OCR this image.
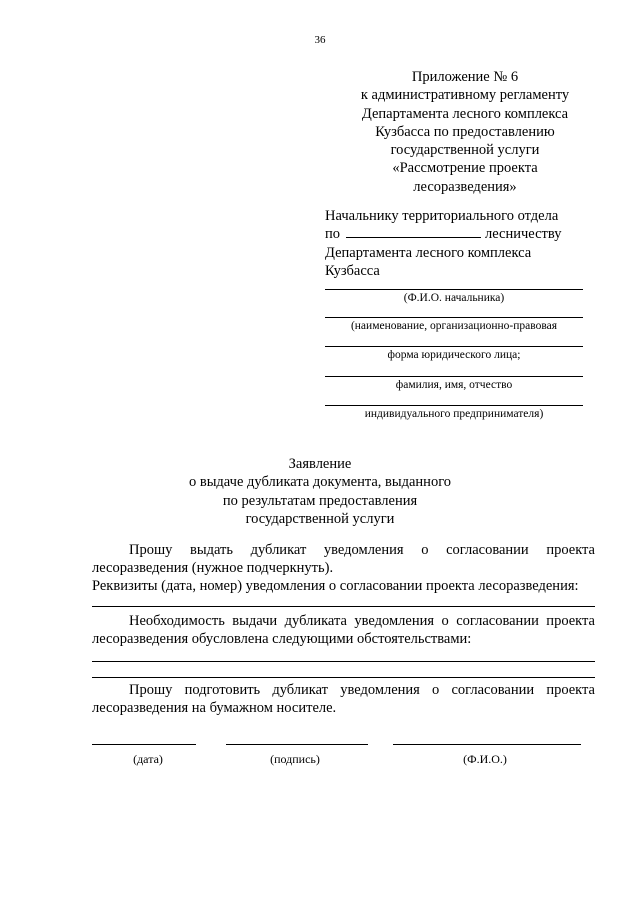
36
Приложение № 6
к административному регламенту
Департамента лесного комплекса
Кузбасса по предоставлению
государственной услуги
«Рассмотрение проекта
лесоразведения»
Начальнику территориального отдела
по	лесничеству
Департамента лесного комплекса
Кузбасса
(Ф.И.О. начальника)
(наименование, организационно-правовая
форма юридического лица;
фамилия, имя, отчество
индивидуального предпринимателя)
Заявление
о выдаче дубликата документа, выданного
по результатам предоставления
государственной услуги

Прошу выдать дубликат уведомления о согласовании проекта лесоразведения (нужное подчеркнуть).

Реквизиты (дата, номер) уведомления о согласовании проекта лесоразведения:

Необходимость выдачи дубликата уведомления о согласовании проекта лесоразведения обусловлена следующими обстоятельствами:

Прошу подготовить дубликат уведомления о согласовании проекта лесоразведения на бумажном носителе.

(дата)	(подпись)	(Ф.И.О.)
